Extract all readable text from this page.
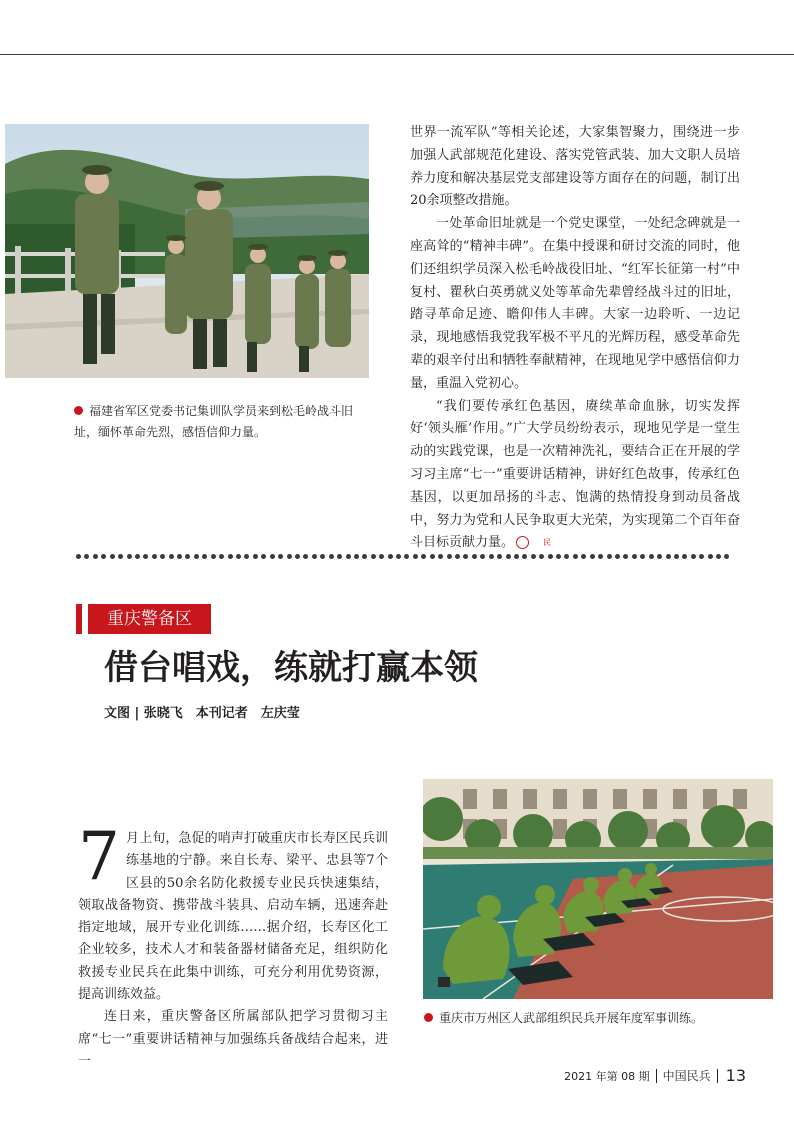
福建省军区党委书记集训队学员来到松毛岭战斗旧址，缅怀革命先烈，感悟信仰力量。

世界一流军队”等相关论述，大家集智聚力，围绕进一步加强人武部规范化建设、落实党管武装、加大文职人员培养力度和解决基层党支部建设等方面存在的问题，制订出20余项整改措施。

一处革命旧址就是一个党史课堂，一处纪念碑就是一座高耸的“精神丰碑”。在集中授课和研讨交流的同时，他们还组织学员深入松毛岭战役旧址、“红军长征第一村”中复村、瞿秋白英勇就义处等革命先辈曾经战斗过的旧址，踏寻革命足迹、瞻仰伟人丰碑。大家一边聆听、一边记录，现地感悟我党我军极不平凡的光辉历程，感受革命先辈的艰辛付出和牺牲奉献精神，在现地见学中感悟信仰力量，重温入党初心。

“我们要传承红色基因，赓续革命血脉，切实发挥好‘领头雁’作用。”广大学员纷纷表示，现地见学是一堂生动的实践党课，也是一次精神洗礼，要结合正在开展的学习习主席“七一”重要讲话精神，讲好红色故事，传承红色基因，以更加昂扬的斗志、饱满的热情投身到动员备战中，努力为党和人民争取更大光荣，为实现第二个百年奋斗目标贡献力量。	民

重庆警备区
借台唱戏，练就打赢本领
文图 | 张晓飞　本刊记者　左庆莹

7 月上旬，急促的哨声打破重庆市长寿区民兵训练基地的宁静。来自长寿、梁平、忠县等7个区县的50余名防化救援专业民兵快速集结，领取战备物资、携带战斗装具、启动车辆，迅速奔赴指定地域，展开专业化训练……据介绍，长寿区化工企业较多，技术人才和装备器材储备充足，组织防化救援专业民兵在此集中训练，可充分利用优势资源，提高训练效益。

连日来，重庆警备区所属部队把学习贯彻习主席“七一”重要讲话精神与加强练兵备战结合起来，进一

重庆市万州区人武部组织民兵开展年度军事训练。
2021 年第 08 期 中国民兵 13
